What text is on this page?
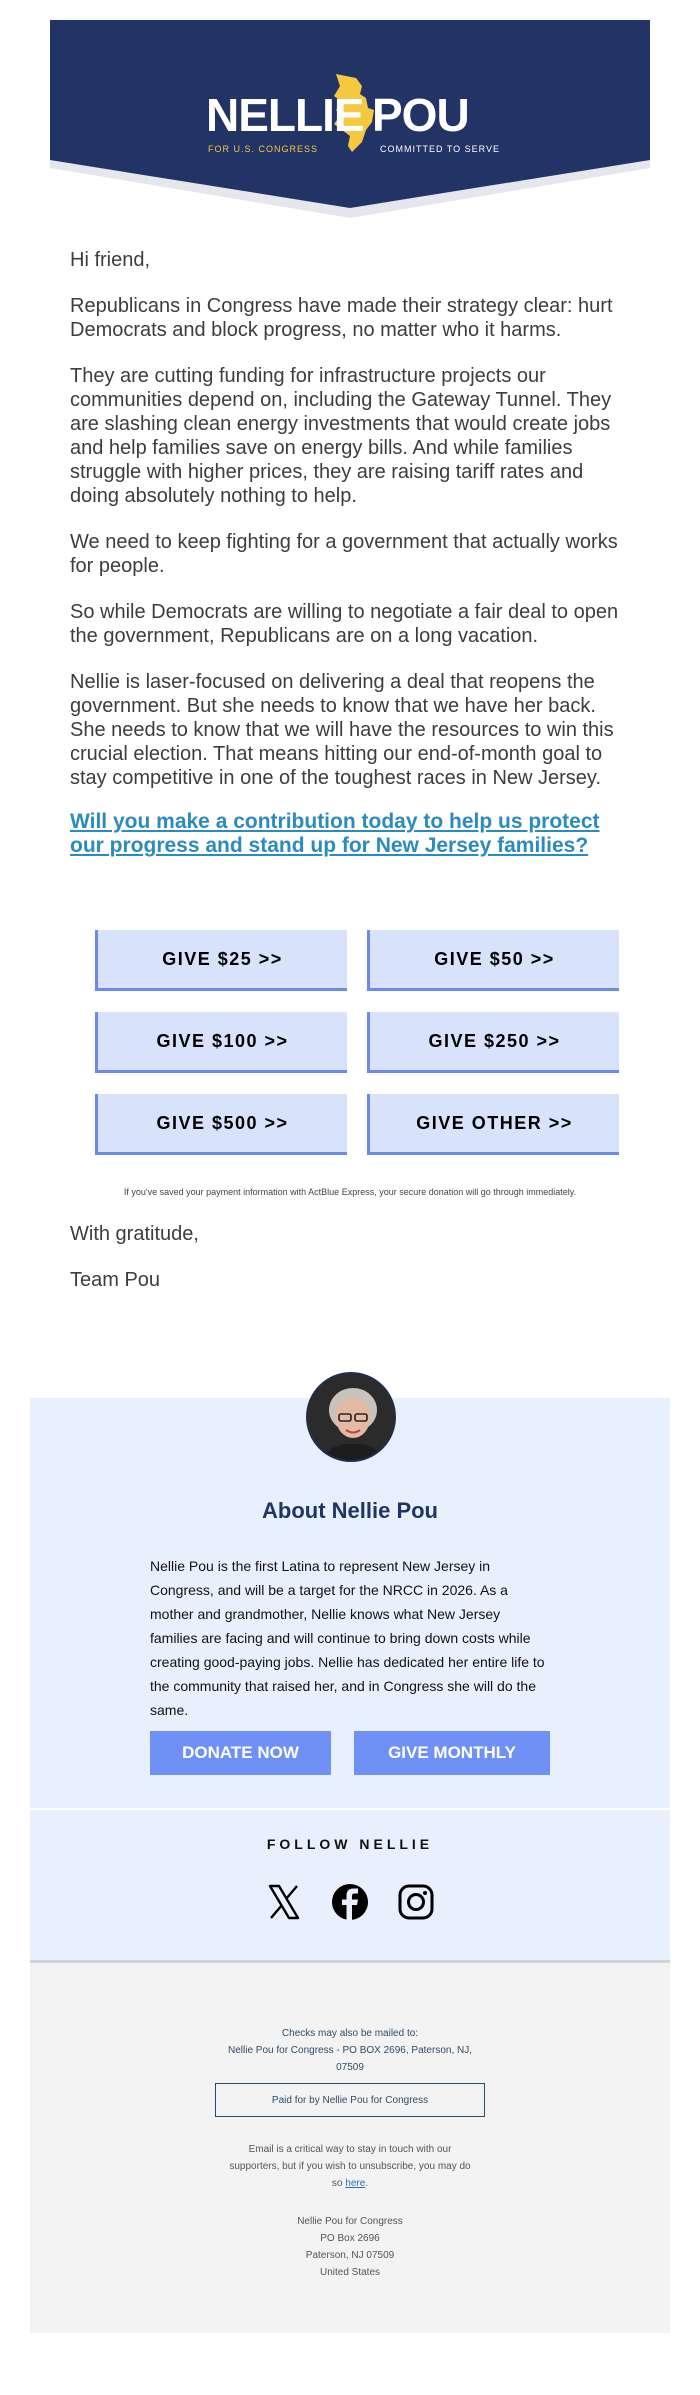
NELLIE POU
FOR U.S. CONGRESS	COMMITTED TO SERVE

Hi friend,

Republicans in Congress have made their strategy clear: hurt Democrats and block progress, no matter who it harms.

They are cutting funding for infrastructure projects our communities depend on, including the Gateway Tunnel. They are slashing clean energy investments that would create jobs and help families save on energy bills. And while families struggle with higher prices, they are raising tariff rates and doing absolutely nothing to help.

We need to keep fighting for a government that actually works for people.

So while Democrats are willing to negotiate a fair deal to open the government, Republicans are on a long vacation.

Nellie is laser-focused on delivering a deal that reopens the government. But she needs to know that we have her back. She needs to know that we will have the resources to win this crucial election. That means hitting our end-of-month goal to stay competitive in one of the toughest races in New Jersey.

Will you make a contribution today to help us protect our progress and stand up for New Jersey families?
GIVE $25 >>	GIVE $50 >>
GIVE $100 >>	GIVE $250 >>
GIVE $500 >>	GIVE OTHER >>
If you've saved your payment information with ActBlue Express, your secure donation will go through immediately.

With gratitude,

Team Pou

About Nellie Pou
Nellie Pou is the first Latina to represent New Jersey in Congress, and will be a target for the NRCC in 2026. As a mother and grandmother, Nellie knows what New Jersey families are facing and will continue to bring down costs while creating good-paying jobs. Nellie has dedicated her entire life to the community that raised her, and in Congress she will do the same.
DONATE NOW	GIVE MONTHLY
FOLLOW NELLIE
Checks may also be mailed to:
Nellie Pou for Congress - PO BOX 2696, Paterson, NJ,
07509
Paid for by Nellie Pou for Congress
Email is a critical way to stay in touch with our
supporters, but if you wish to unsubscribe, you may do
so here.
Nellie Pou for Congress
PO Box 2696
Paterson, NJ 07509
United States
